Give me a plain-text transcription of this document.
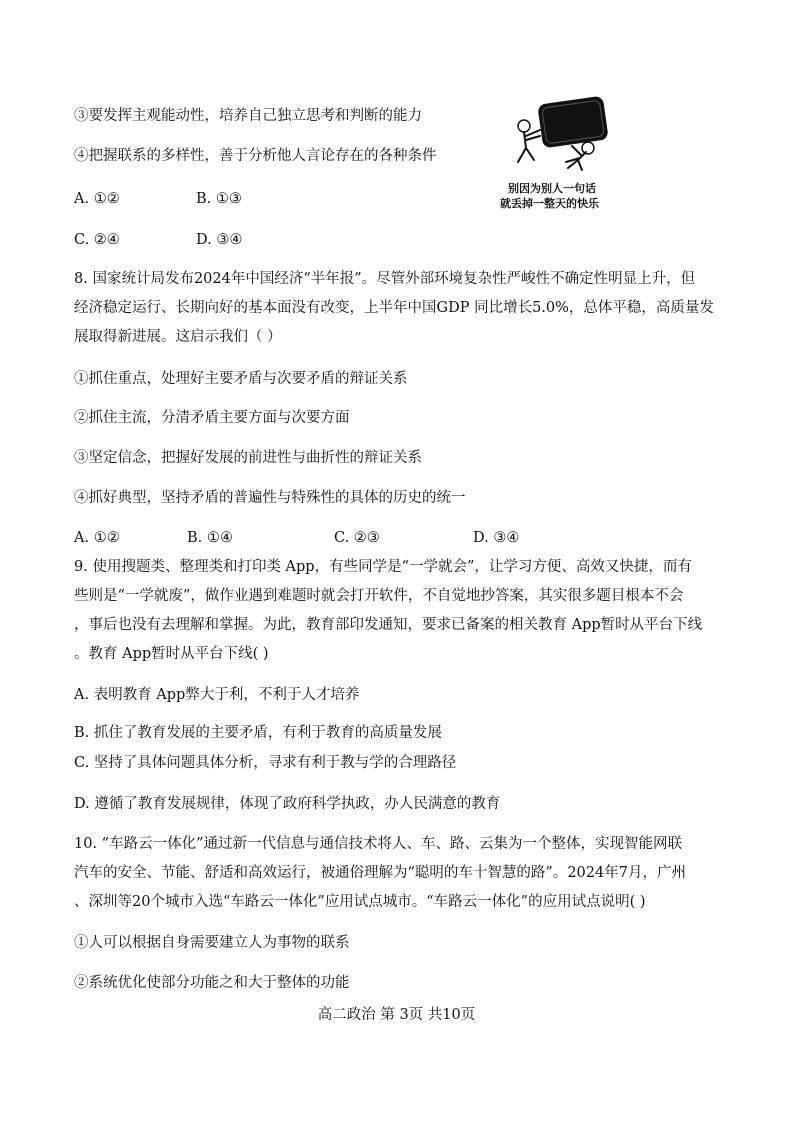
③要发挥主观能动性，培养自己独立思考和判断的能力
④把握联系的多样性，善于分析他人言论存在的各种条件
A. ①②	B. ①③
C. ②④	D. ③④
别因为别人一句话
就丢掉一整天的快乐
8. 国家统计局发布2024年中国经济“半年报”。尽管外部环境复杂性严峻性不确定性明显上升，但
经济稳定运行、长期向好的基本面没有改变，上半年中国GDP 同比增长5.0%，总体平稳，高质量发
展取得新进展。这启示我们（ ）
①抓住重点，处理好主要矛盾与次要矛盾的辩证关系
②抓住主流，分清矛盾主要方面与次要方面
③坚定信念，把握好发展的前进性与曲折性的辩证关系
④抓好典型，坚持矛盾的普遍性与特殊性的具体的历史的统一
A. ①②	B. ①④	C. ②③	D. ③④
9. 使用搜题类、整理类和打印类 App，有些同学是“一学就会”，让学习方便、高效又快捷，而有
些则是“一学就废”，做作业遇到难题时就会打开软件，不自觉地抄答案，其实很多题目根本不会
，事后也没有去理解和掌握。为此，教育部印发通知，要求已备案的相关教育 App暂时从平台下线
。教育 App暂时从平台下线( )
A. 表明教育 App弊大于利，不利于人才培养
B. 抓住了教育发展的主要矛盾，有利于教育的高质量发展
C. 坚持了具体问题具体分析，寻求有利于教与学的合理路径
D. 遵循了教育发展规律，体现了政府科学执政，办人民满意的教育
10. “车路云一体化”通过新一代信息与通信技术将人、车、路、云集为一个整体，实现智能网联
汽车的安全、节能、舒适和高效运行，被通俗理解为“聪明的车十智慧的路”。2024年7月，广州
、深圳等20个城市入选“车路云一体化”应用试点城市。“车路云一体化”的应用试点说明( )
①人可以根据自身需要建立人为事物的联系
②系统优化使部分功能之和大于整体的功能
高二政治 第 3页 共10页
